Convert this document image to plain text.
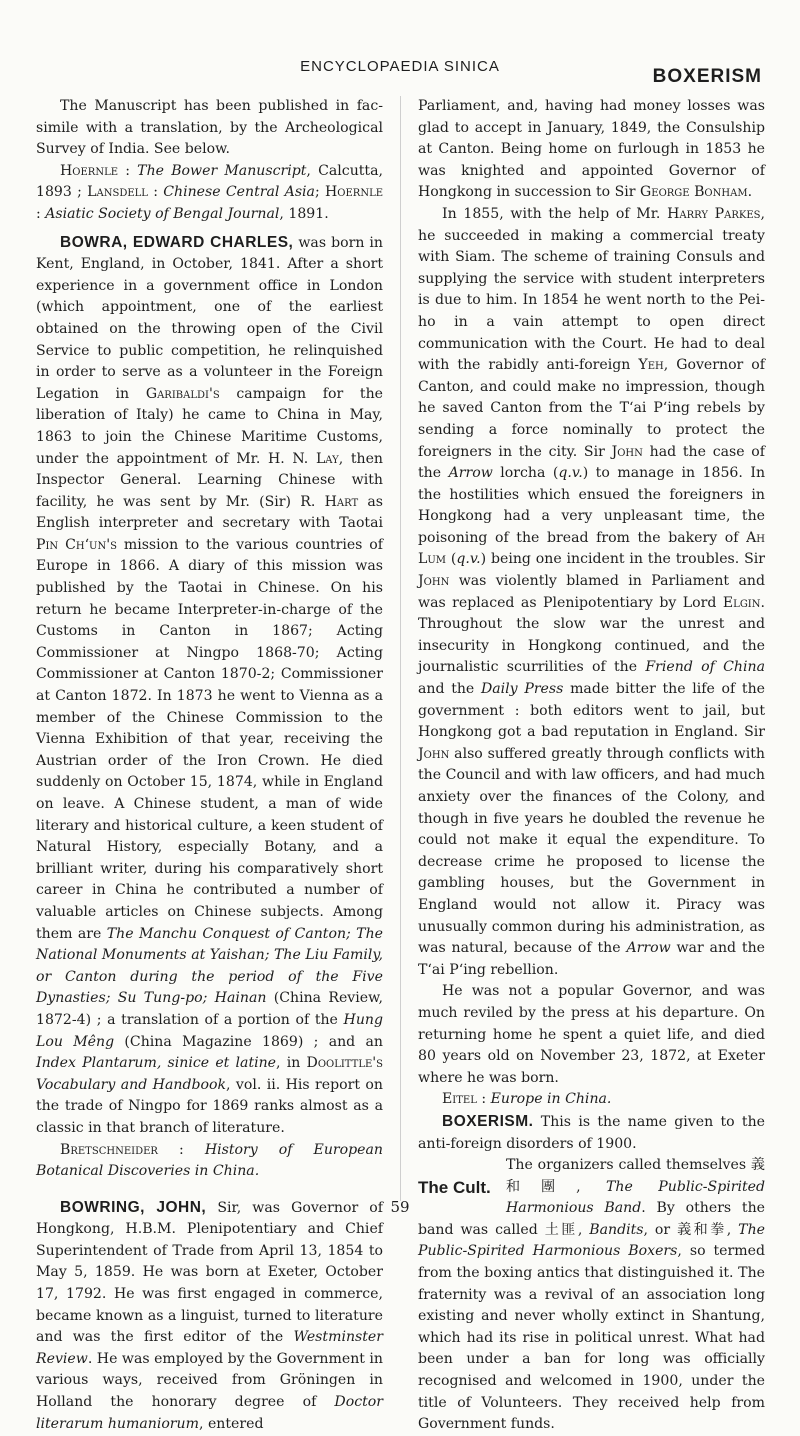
ENCYCLOPAEDIA SINICA	BOXERISM

The Manuscript has been published in fac-simile with a translation, by the Archeological Survey of India. See below.

Hoernle : The Bower Manuscript, Calcutta, 1893 ; Lansdell : Chinese Central Asia; Hoernle : Asiatic Society of Bengal Journal, 1891.

BOWRA, EDWARD CHARLES, was born in Kent, England, in October, 1841. After a short experience in a government office in London (which appointment, one of the earliest obtained on the throwing open of the Civil Service to public competition, he relinquished in order to serve as a volunteer in the Foreign Legation in Garibaldi's campaign for the liberation of Italy) he came to China in May, 1863 to join the Chinese Maritime Customs, under the appointment of Mr. H. N. Lay, then Inspector General. Learning Chinese with facility, he was sent by Mr. (Sir) R. Hart as English interpreter and secretary with Taotai Pin Ch‘un's mission to the various countries of Europe in 1866. A diary of this mission was published by the Taotai in Chinese. On his return he became Interpreter-in-charge of the Customs in Canton in 1867; Acting Commissioner at Ningpo 1868-70; Acting Commissioner at Canton 1870-2; Commissioner at Canton 1872. In 1873 he went to Vienna as a member of the Chinese Commission to the Vienna Exhibition of that year, receiving the Austrian order of the Iron Crown. He died suddenly on October 15, 1874, while in England on leave. A Chinese student, a man of wide literary and historical culture, a keen student of Natural History, especially Botany, and a brilliant writer, during his comparatively short career in China he contributed a number of valuable articles on Chinese subjects. Among them are The Manchu Conquest of Canton; The National Monuments at Yaishan; The Liu Family, or Canton during the period of the Five Dynasties; Su Tung-po; Hainan (China Review, 1872-4) ; a translation of a portion of the Hung Lou Mêng (China Magazine 1869) ; and an Index Plantarum, sinice et latine, in Doolittle's Vocabulary and Handbook, vol. ii. His report on the trade of Ningpo for 1869 ranks almost as a classic in that branch of literature.

Bretschneider : History of European Botanical Discoveries in China.

BOWRING, JOHN, Sir, was Governor of Hongkong, H.B.M. Plenipotentiary and Chief Superintendent of Trade from April 13, 1854 to May 5, 1859. He was born at Exeter, October 17, 1792. He was first engaged in commerce, became known as a linguist, turned to literature and was the first editor of the Westminster Review. He was employed by the Government in various ways, received from Gröningen in Holland the honorary degree of Doctor literarum humaniorum, entered

Parliament, and, having had money losses was glad to accept in January, 1849, the Consulship at Canton. Being home on furlough in 1853 he was knighted and appointed Governor of Hongkong in succession to Sir George Bonham.

In 1855, with the help of Mr. Harry Parkes, he succeeded in making a commercial treaty with Siam. The scheme of training Consuls and supplying the service with student interpreters is due to him. In 1854 he went north to the Pei-ho in a vain attempt to open direct communication with the Court. He had to deal with the rabidly anti-foreign Yeh, Governor of Canton, and could make no impression, though he saved Canton from the T‘ai P‘ing rebels by sending a force nominally to protect the foreigners in the city. Sir John had the case of the Arrow lorcha (q.v.) to manage in 1856. In the hostilities which ensued the foreigners in Hongkong had a very unpleasant time, the poisoning of the bread from the bakery of Ah Lum (q.v.) being one incident in the troubles. Sir John was violently blamed in Parliament and was replaced as Plenipotentiary by Lord Elgin. Throughout the slow war the unrest and insecurity in Hongkong continued, and the journalistic scurrilities of the Friend of China and the Daily Press made bitter the life of the government : both editors went to jail, but Hongkong got a bad reputation in England. Sir John also suffered greatly through conflicts with the Council and with law officers, and had much anxiety over the finances of the Colony, and though in five years he doubled the revenue he could not make it equal the expenditure. To decrease crime he proposed to license the gambling houses, but the Government in England would not allow it. Piracy was unusually common during his administration, as was natural, because of the Arrow war and the T‘ai P‘ing rebellion.

He was not a popular Governor, and was much reviled by the press at his departure. On returning home he spent a quiet life, and died 80 years old on November 23, 1872, at Exeter where he was born.

Eitel : Europe in China.

BOXERISM. This is the name given to the anti-foreign disorders of 1900.

The Cult.

The organizers called themselves 義和團, The Public-Spirited Harmonious Band. By others the band was called 土匪, Bandits, or 義和拳, The Public-Spirited Harmonious Boxers, so termed from the boxing antics that distinguished it. The fraternity was a revival of an association long existing and never wholly extinct in Shantung, which had its rise in political unrest. What had been under a ban for long was officially recognised and welcomed in 1900, under the title of Volunteers. They received help from Government funds.

59
